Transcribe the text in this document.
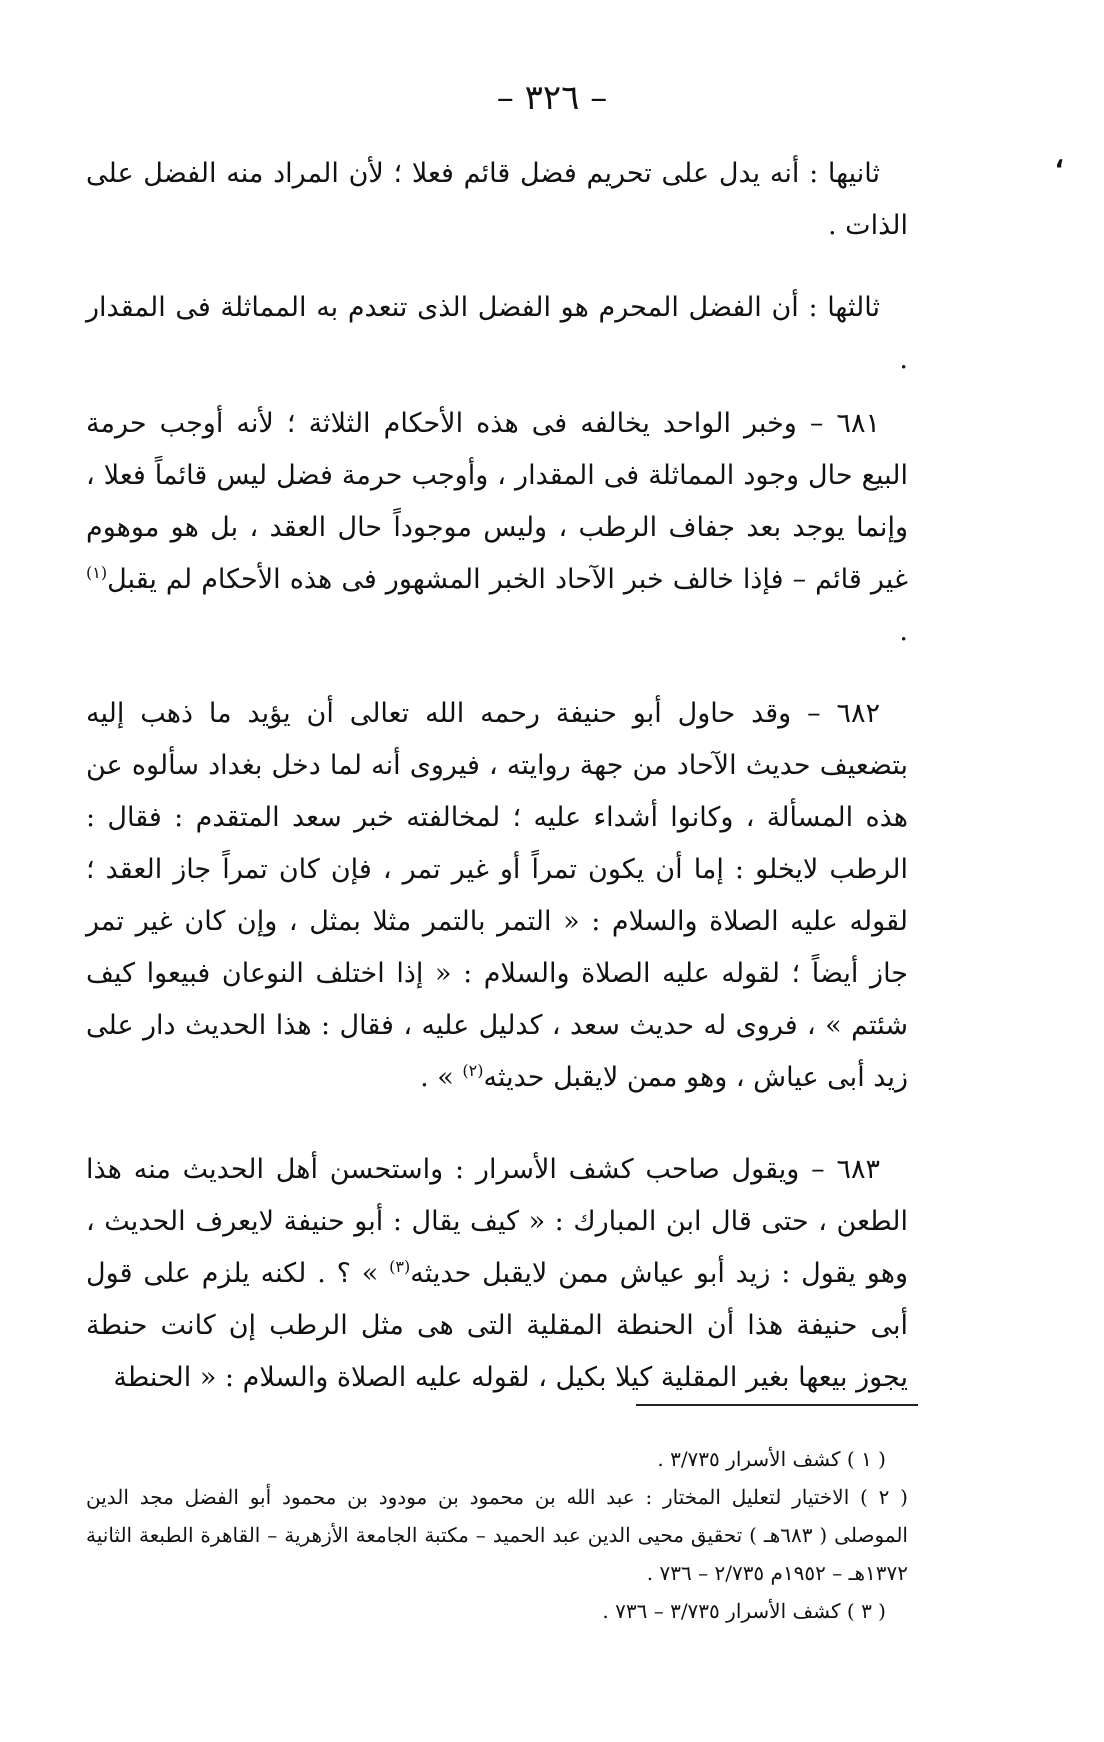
– ٣٢٦ –
،

ثانيها : أنه يدل على تحريم فضل قائم فعلا ؛ لأن المراد منه الفضل على الذات .

ثالثها : أن الفضل المحرم هو الفضل الذى تنعدم به المماثلة فى المقدار .

٦٨١ – وخبر الواحد يخالفه فى هذه الأحكام الثلاثة ؛ لأنه أوجب حرمة البيع حال وجود المماثلة فى المقدار ، وأوجب حرمة فضل ليس قائماً فعلا ، وإنما يوجد بعد جفاف الرطب ، وليس موجوداً حال العقد ، بل هو موهوم غير قائم – فإذا خالف خبر الآحاد الخبر المشهور فى هذه الأحكام لم يقبل$^{(١)}$ .

٦٨٢ – وقد حاول أبو حنيفة رحمه الله تعالى أن يؤيد ما ذهب إليه بتضعيف حديث الآحاد من جهة روايته ، فيروى أنه لما دخل بغداد سألوه عن هذه المسألة ، وكانوا أشداء عليه ؛ لمخالفته خبر سعد المتقدم : فقال : الرطب لايخلو : إما أن يكون تمراً أو غير تمر ، فإن كان تمراً جاز العقد ؛ لقوله عليه الصلاة والسلام : « التمر بالتمر مثلا بمثل ، وإن كان غير تمر جاز أيضاً ؛ لقوله عليه الصلاة والسلام : « إذا اختلف النوعان فبيعوا كيف شئتم » ، فروى له حديث سعد ، كدليل عليه ، فقال : هذا الحديث دار على زيد أبى عياش ، وهو ممن لايقبل حديثه$^{(٢)}$ » .

٦٨٣ – ويقول صاحب كشف الأسرار : واستحسن أهل الحديث منه هذا الطعن ، حتى قال ابن المبارك : « كيف يقال : أبو حنيفة لايعرف الحديث ، وهو يقول : زيد أبو عياش ممن لايقبل حديثه$^{(٣)}$ » ؟ . لكنه يلزم على قول أبى حنيفة هذا أن الحنطة المقلية التى هى مثل الرطب إن كانت حنطة يجوز بيعها بغير المقلية كيلا بكيل ، لقوله عليه الصلاة والسلام : « الحنطة

( ١ ) كشف الأسرار ٣/٧٣٥ .

( ٢ ) الاختيار لتعليل المختار : عبد الله بن محمود بن مودود بن محمود أبو الفضل مجد الدين الموصلى ( ٦٨٣هـ ) تحقيق محيى الدين عبد الحميد – مكتبة الجامعة الأزهرية – القاهرة الطبعة الثانية ١٣٧٢هـ – ١٩٥٢م ٢/٧٣٥ – ٧٣٦ .

( ٣ ) كشف الأسرار ٣/٧٣٥ – ٧٣٦ .
